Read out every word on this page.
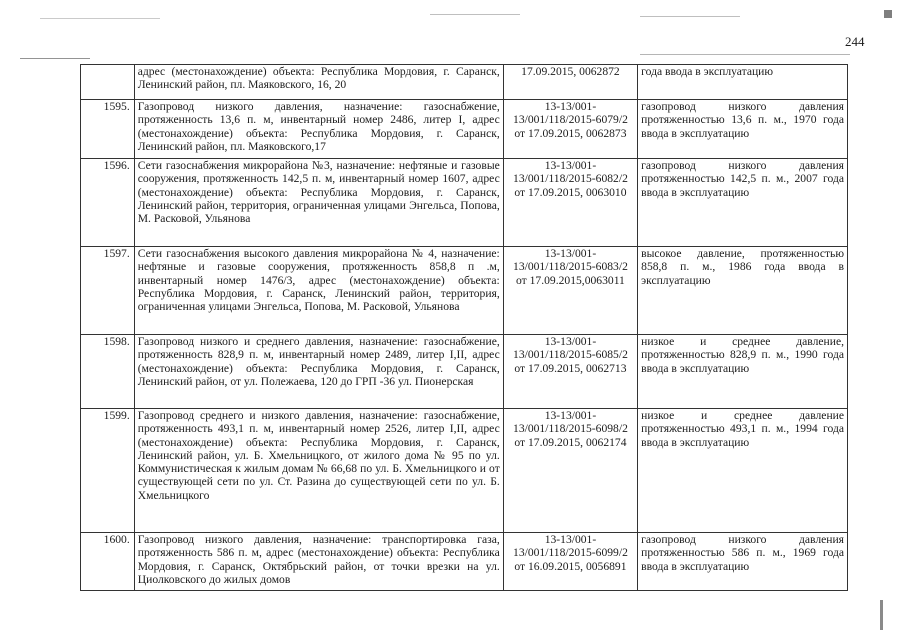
244

	адрес (местонахождение) объекта: Республика Мордовия, г. Саранск, Ленинский район, пл. Маяковского, 16, 20	17.09.2015, 0062872	года ввода в эксплуатацию

1595.	Газопровод низкого давления, назначение: газоснабжение, протяженность 13,6 п. м, инвентарный номер 2486, литер I, адрес (местонахождение) объекта: Республика Мордовия, г. Саранск, Ленинский район, пл. Маяковского,17	13-13/001-13/001/118/2015-6079/2 от 17.09.2015, 0062873	газопровод низкого давления протяженностью 13,6 п. м., 1970 года ввода в эксплуатацию

1596.	Сети газоснабжения микрорайона №3, назначение: нефтяные и газовые сооружения, протяженность 142,5 п. м, инвентарный номер 1607, адрес (местонахождение) объекта: Республика Мордовия, г. Саранск, Ленинский район, территория, ограниченная улицами Энгельса, Попова, М. Расковой, Ульянова	13-13/001-13/001/118/2015-6082/2 от 17.09.2015, 0063010	газопровод низкого давления протяженностью 142,5 п. м., 2007 года ввода в эксплуатацию

1597.	Сети газоснабжения высокого давления микрорайона № 4, назначение: нефтяные и газовые сооружения, протяженность 858,8 п .м, инвентарный номер 1476/3, адрес (местонахождение) объекта: Республика Мордовия, г. Саранск, Ленинский район, территория, ограниченная улицами Энгельса, Попова, М. Расковой, Ульянова	13-13/001-13/001/118/2015-6083/2 от 17.09.2015,0063011	высокое давление, протяженностью 858,8 п. м., 1986 года ввода в эксплуатацию

1598.	Газопровод низкого и среднего давления, назначение: газоснабжение, протяженность 828,9 п. м, инвентарный номер 2489, литер I,II, адрес (местонахождение) объекта: Республика Мордовия, г. Саранск, Ленинский район, от ул. Полежаева, 120 до ГРП -36 ул. Пионерская	13-13/001-13/001/118/2015-6085/2 от 17.09.2015, 0062713	низкое и среднее давление, протяженностью 828,9 п. м., 1990 года ввода в эксплуатацию

1599.	Газопровод среднего и низкого давления, назначение: газоснабжение, протяженность 493,1 п. м, инвентарный номер 2526, литер I,II, адрес (местонахождение) объекта: Республика Мордовия, г. Саранск, Ленинский район, ул. Б. Хмельницкого, от жилого дома № 95 по ул. Коммунистическая к жилым домам № 66,68 по ул. Б. Хмельницкого и от существующей сети по ул. Ст. Разина до существующей сети по ул. Б. Хмельницкого	13-13/001-13/001/118/2015-6098/2 от 17.09.2015, 0062174	низкое и среднее давление протяженностью 493,1 п. м., 1994 года ввода в эксплуатацию

1600.	Газопровод низкого давления, назначение: транспортировка газа, протяженность 586 п. м, адрес (местонахождение) объекта: Республика Мордовия, г. Саранск, Октябрьский район, от точки врезки на ул. Циолковского до жилых домов	13-13/001-13/001/118/2015-6099/2 от 16.09.2015, 0056891	газопровод низкого давления протяженностью 586 п. м., 1969 года ввода в эксплуатацию
